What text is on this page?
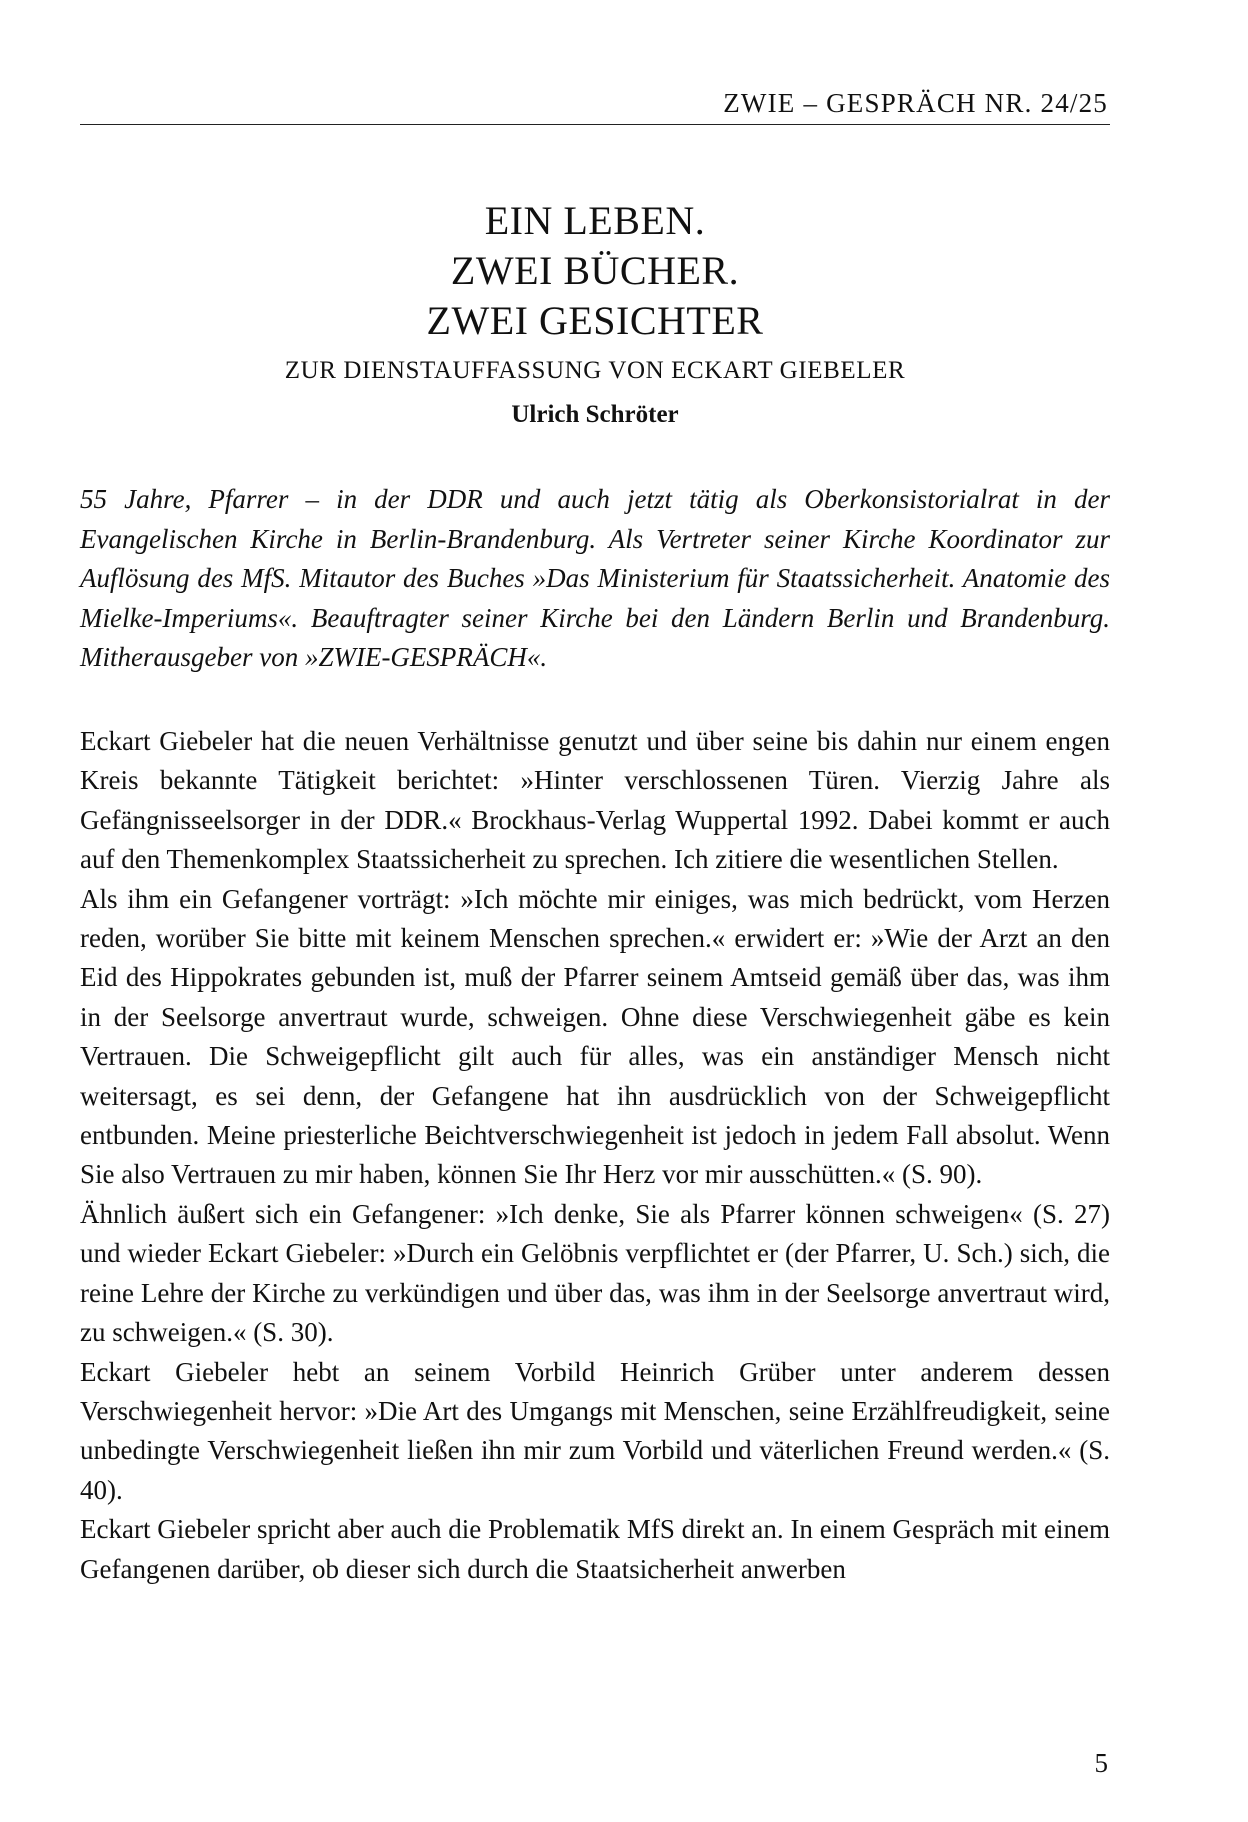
ZWIE – GESPRÄCH NR. 24/25
EIN LEBEN.
ZWEI BÜCHER.
ZWEI GESICHTER
ZUR DIENSTAUFFASSUNG VON ECKART GIEBELER
Ulrich Schröter

55 Jahre, Pfarrer – in der DDR und auch jetzt tätig als Oberkonsistorialrat in der Evangelischen Kirche in Berlin-Brandenburg. Als Vertreter seiner Kirche Koordinator zur Auflösung des MfS. Mitautor des Buches »Das Ministerium für Staatssicherheit. Anatomie des Mielke-Imperiums«. Beauftragter seiner Kirche bei den Ländern Berlin und Brandenburg. Mitherausgeber von »ZWIE-GESPRÄCH«.

Eckart Giebeler hat die neuen Verhältnisse genutzt und über seine bis dahin nur einem engen Kreis bekannte Tätigkeit berichtet: »Hinter verschlossenen Türen. Vierzig Jahre als Gefängnisseelsorger in der DDR.« Brockhaus-Verlag Wuppertal 1992. Dabei kommt er auch auf den Themenkomplex Staatssicherheit zu sprechen. Ich zitiere die wesentlichen Stellen.

Als ihm ein Gefangener vorträgt: »Ich möchte mir einiges, was mich bedrückt, vom Herzen reden, worüber Sie bitte mit keinem Menschen sprechen.« erwidert er: »Wie der Arzt an den Eid des Hippokrates gebunden ist, muß der Pfarrer seinem Amtseid gemäß über das, was ihm in der Seelsorge anvertraut wurde, schweigen. Ohne diese Verschwiegenheit gäbe es kein Vertrauen. Die Schweigepflicht gilt auch für alles, was ein anständiger Mensch nicht weitersagt, es sei denn, der Gefangene hat ihn ausdrücklich von der Schweigepflicht entbunden. Meine priesterliche Beichtverschwiegenheit ist jedoch in jedem Fall absolut. Wenn Sie also Vertrauen zu mir haben, können Sie Ihr Herz vor mir ausschütten.« (S. 90).

Ähnlich äußert sich ein Gefangener: »Ich denke, Sie als Pfarrer können schweigen« (S. 27) und wieder Eckart Giebeler: »Durch ein Gelöbnis verpflichtet er (der Pfarrer, U. Sch.) sich, die reine Lehre der Kirche zu verkündigen und über das, was ihm in der Seelsorge anvertraut wird, zu schweigen.« (S. 30).

Eckart Giebeler hebt an seinem Vorbild Heinrich Grüber unter anderem dessen Verschwiegenheit hervor: »Die Art des Umgangs mit Menschen, seine Erzählfreudigkeit, seine unbedingte Verschwiegenheit ließen ihn mir zum Vorbild und väterlichen Freund werden.« (S. 40).

Eckart Giebeler spricht aber auch die Problematik MfS direkt an. In einem Gespräch mit einem Gefangenen darüber, ob dieser sich durch die Staatsicherheit anwerben

5
